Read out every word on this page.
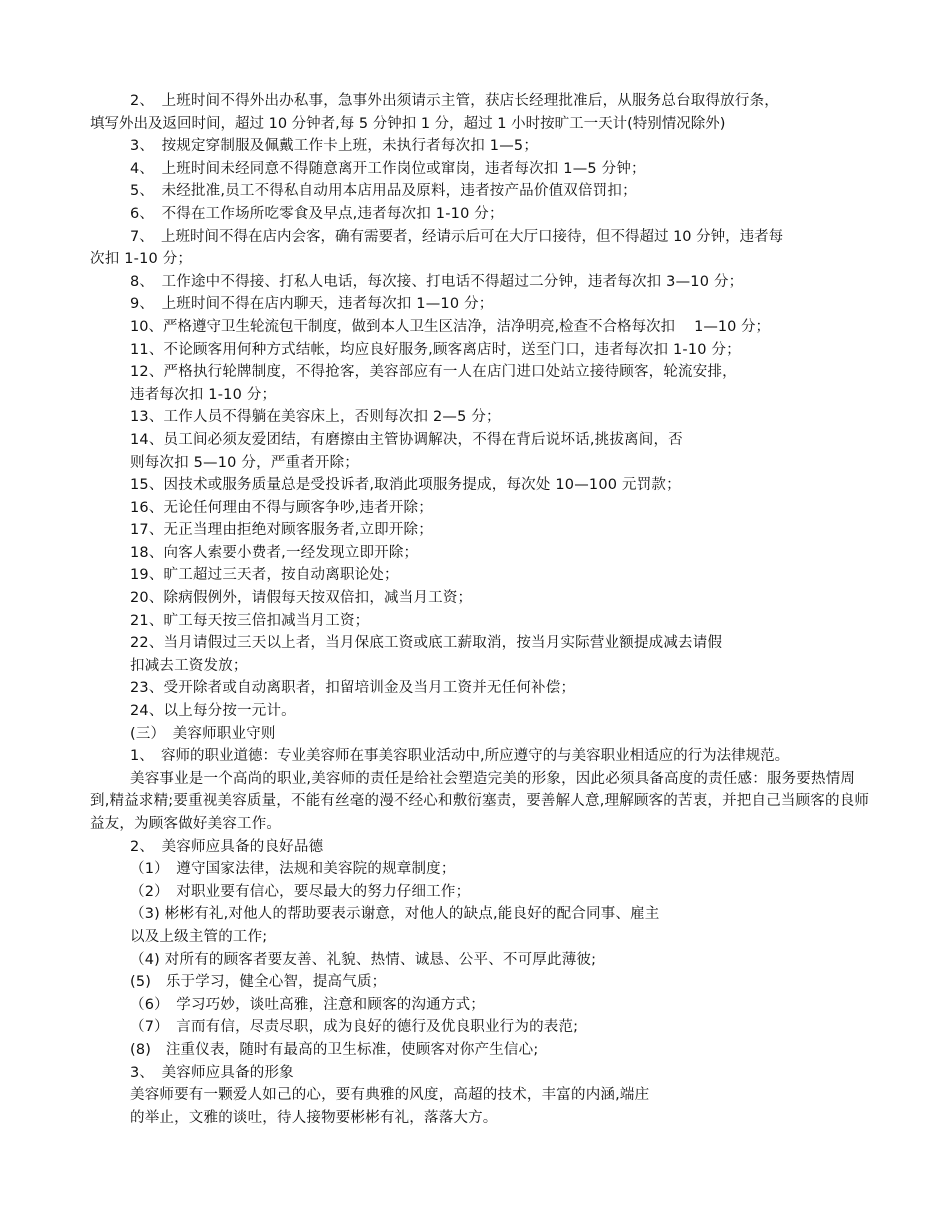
2、　上班时间不得外出办私事，急事外出须请示主管，获店长经理批准后，从服务总台取得放行条，

填写外出及返回时间，超过 10 分钟者,每 5 分钟扣 1 分，超过 1 小时按旷工一天计(特别情况除外)

3、　按规定穿制服及佩戴工作卡上班，未执行者每次扣 1—5；

4、　上班时间未经同意不得随意离开工作岗位或窜岗，违者每次扣 1—5 分钟；

5、　未经批准,员工不得私自动用本店用品及原料，违者按产品价值双倍罚扣；

6、　不得在工作场所吃零食及早点,违者每次扣 1-10 分；

7、　上班时间不得在店内会客，确有需要者，经请示后可在大厅口接待，但不得超过 10 分钟，违者每

次扣 1-10 分；

8、　工作途中不得接、打私人电话，每次接、打电话不得超过二分钟，违者每次扣 3—10 分；

9、　上班时间不得在店内聊天，违者每次扣 1—10 分；

10、严格遵守卫生轮流包干制度，做到本人卫生区洁净，洁净明亮,检查不合格每次扣　 1—10 分；

11、不论顾客用何种方式结帐，均应良好服务,顾客离店时，送至门口，违者每次扣 1-10 分；

12、严格执行轮牌制度，不得抢客，美容部应有一人在店门进口处站立接待顾客，轮流安排，

违者每次扣 1-10 分；

13、工作人员不得躺在美容床上，否则每次扣 2—5 分；

14、员工间必须友爱团结，有磨擦由主管协调解决，不得在背后说坏话,挑拔离间，否

则每次扣 5—10 分，严重者开除；

15、因技术或服务质量总是受投诉者,取消此项服务提成，每次处 10—100 元罚款；

16、无论任何理由不得与顾客争吵,违者开除；

17、无正当理由拒绝对顾客服务者,立即开除；

18、向客人索要小费者,一经发现立即开除；

19、旷工超过三天者，按自动离职论处；

20、除病假例外，请假每天按双倍扣，减当月工资；

21、旷工每天按三倍扣减当月工资；

22、当月请假过三天以上者，当月保底工资或底工薪取消，按当月实际营业额提成减去请假

扣减去工资发放；

23、受开除者或自动离职者，扣留培训金及当月工资并无任何补偿；

24、以上每分按一元计。

(三）　美容师职业守则

1、　容师的职业道德：专业美容师在事美容职业活动中,所应遵守的与美容职业相适应的行为法律规范。

美容事业是一个高尚的职业,美容师的责任是给社会塑造完美的形象，因此必须具备高度的责任感：服务要热情周到,精益求精;要重视美容质量，不能有丝毫的漫不经心和敷衍塞责，要善解人意,理解顾客的苦衷，并把自己当顾客的良师益友，为顾客做好美容工作。

2、　美容师应具备的良好品德

（1）　遵守国家法律，法规和美容院的规章制度；

（2）　对职业要有信心，要尽最大的努力仔细工作；

（3) 彬彬有礼,对他人的帮助要表示谢意，对他人的缺点,能良好的配合同事、雇主

以及上级主管的工作;

（4) 对所有的顾客者要友善、礼貌、热情、诚恳、公平、不可厚此薄彼;

(5)　乐于学习，健全心智，提高气质；

（6）　学习巧妙，谈吐高雅，注意和顾客的沟通方式；

（7）　言而有信，尽责尽职，成为良好的德行及优良职业行为的表范;

(8)　注重仪表，随时有最高的卫生标准，使顾客对你产生信心;

3、　美容师应具备的形象

美容师要有一颗爱人如己的心，要有典雅的风度，高超的技术，丰富的内涵,端庄

的举止，文雅的谈吐，待人接物要彬彬有礼，落落大方。
